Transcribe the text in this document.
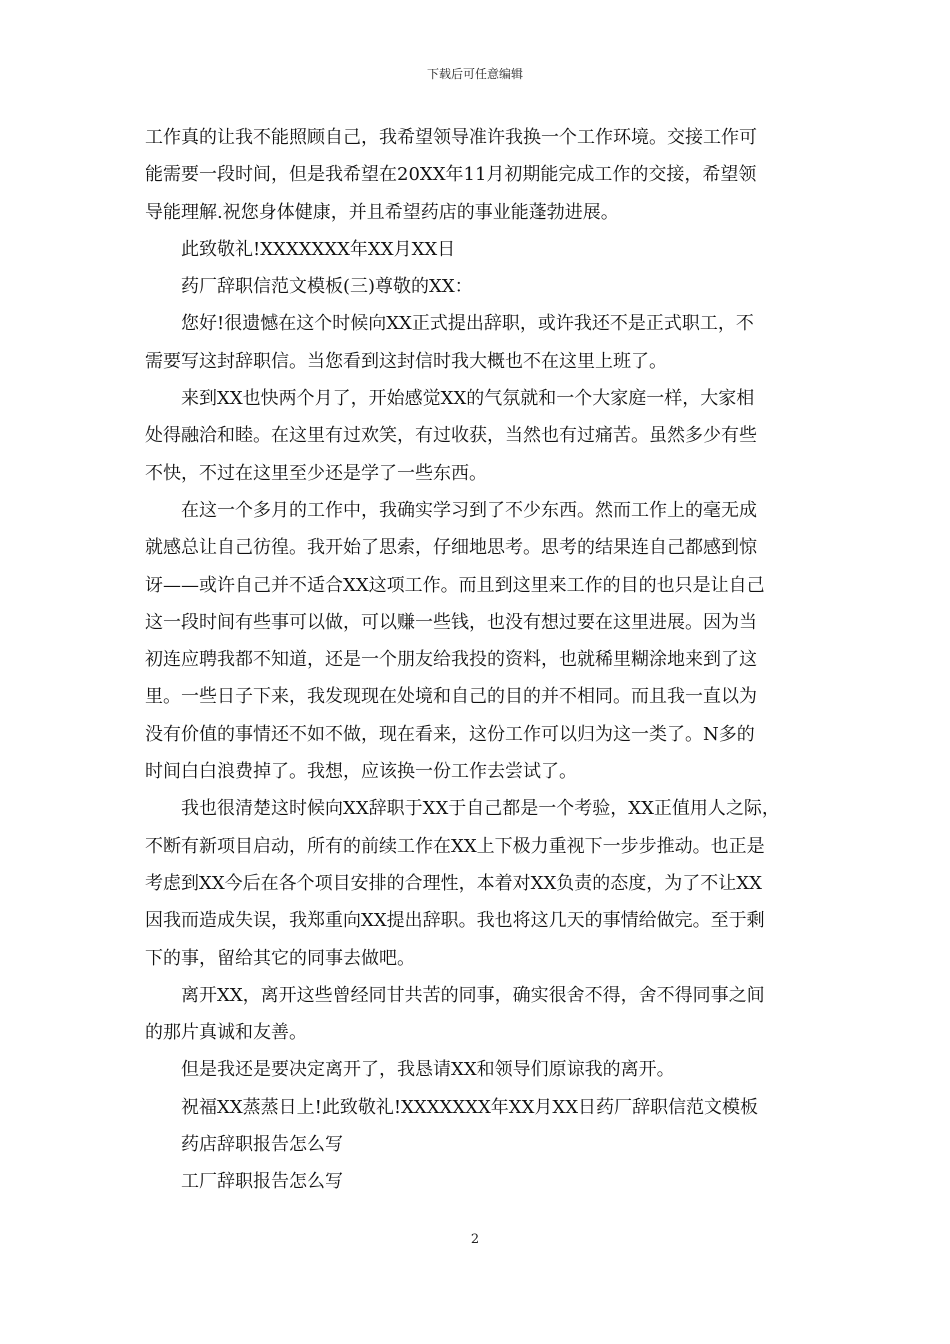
下载后可任意编辑
工作真的让我不能照顾自己，我希望领导准许我换一个工作环境。交接工作可
能需要一段时间，但是我希望在20XX年11月初期能完成工作的交接，希望领
导能理解.祝您身体健康，并且希望药店的事业能蓬勃进展。
此致敬礼!XXXXXXX年XX月XX日
药厂辞职信范文模板(三)尊敬的XX：
您好!很遗憾在这个时候向XX正式提出辞职，或许我还不是正式职工，不
需要写这封辞职信。当您看到这封信时我大概也不在这里上班了。
来到XX也快两个月了，开始感觉XX的气氛就和一个大家庭一样，大家相
处得融洽和睦。在这里有过欢笑，有过收获，当然也有过痛苦。虽然多少有些
不快，不过在这里至少还是学了一些东西。
在这一个多月的工作中，我确实学习到了不少东西。然而工作上的毫无成
就感总让自己彷徨。我开始了思索，仔细地思考。思考的结果连自己都感到惊
讶——或许自己并不适合XX这项工作。而且到这里来工作的目的也只是让自己
这一段时间有些事可以做，可以赚一些钱，也没有想过要在这里进展。因为当
初连应聘我都不知道，还是一个朋友给我投的资料，也就稀里糊涂地来到了这
里。一些日子下来，我发现现在处境和自己的目的并不相同。而且我一直以为
没有价值的事情还不如不做，现在看来，这份工作可以归为这一类了。N多的
时间白白浪费掉了。我想，应该换一份工作去尝试了。
我也很清楚这时候向XX辞职于XX于自己都是一个考验，XX正值用人之际，
不断有新项目启动，所有的前续工作在XX上下极力重视下一步步推动。也正是
考虑到XX今后在各个项目安排的合理性，本着对XX负责的态度，为了不让XX
因我而造成失误，我郑重向XX提出辞职。我也将这几天的事情给做完。至于剩
下的事，留给其它的同事去做吧。
离开XX，离开这些曾经同甘共苦的同事，确实很舍不得，舍不得同事之间
的那片真诚和友善。
但是我还是要决定离开了，我恳请XX和领导们原谅我的离开。
祝福XX蒸蒸日上!此致敬礼!XXXXXXX年XX月XX日药厂辞职信范文模板
药店辞职报告怎么写
工厂辞职报告怎么写
2
